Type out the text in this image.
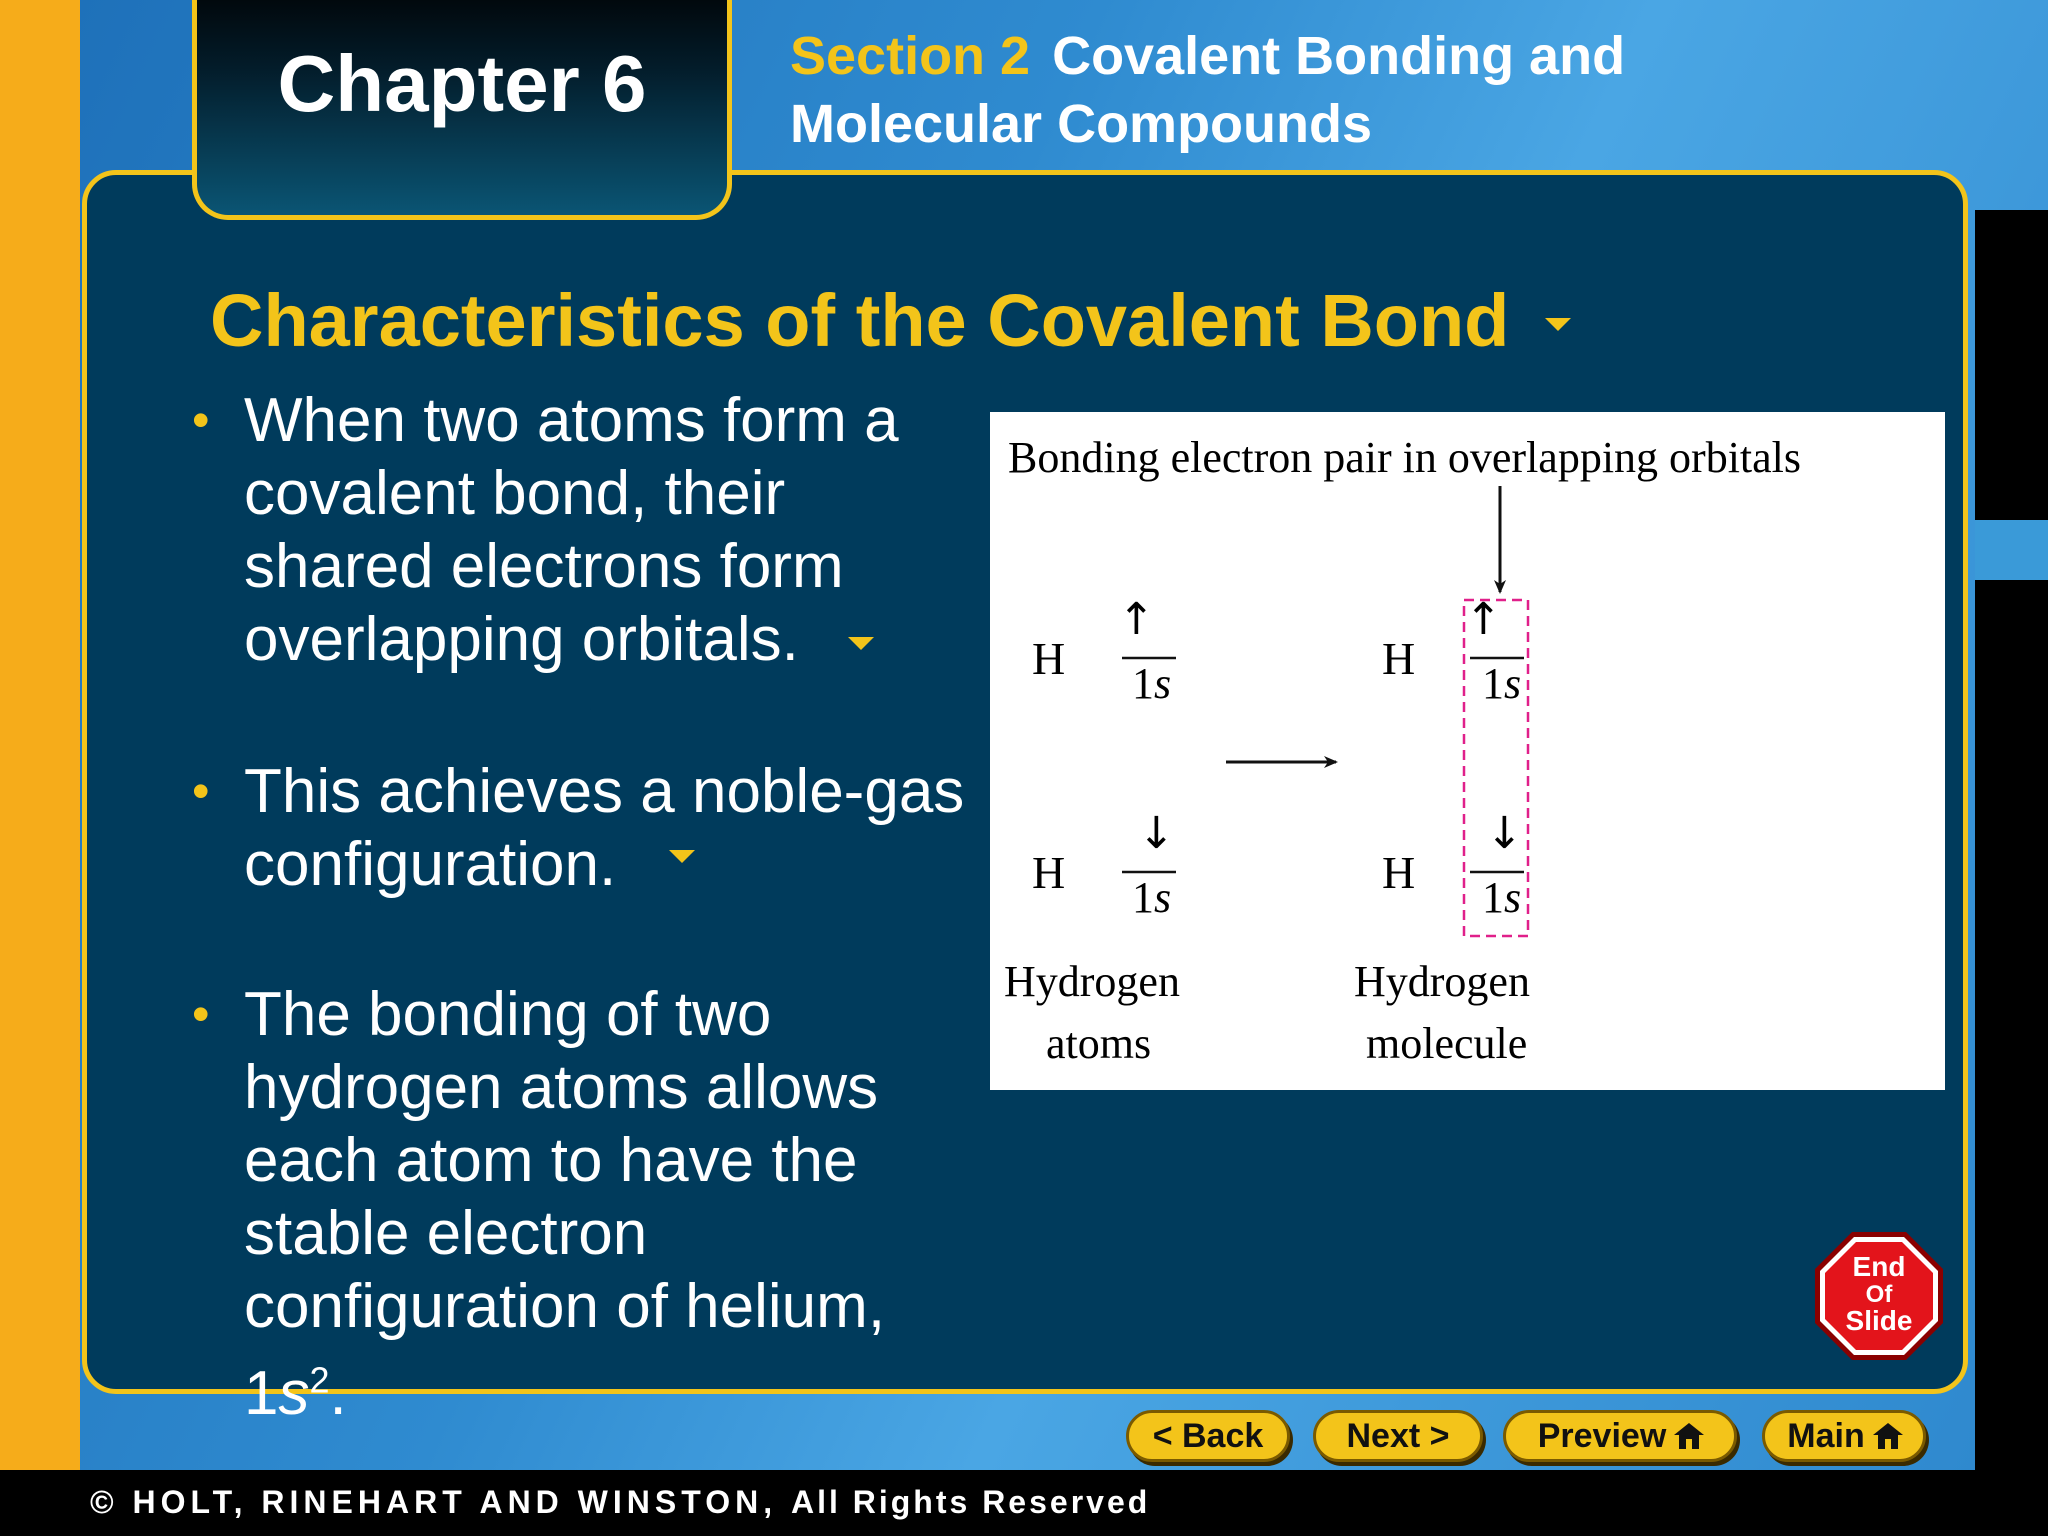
Section 2 Covalent Bonding and
Molecular Compounds
Chapter 6
Characteristics of the Covalent Bond
• When two atoms form a covalent bond, their shared electrons form overlapping orbitals.
• This achieves a noble-gas configuration.
• The bonding of two hydrogen atoms allows each atom to have the stable electron configuration of helium, $1s^2$.
Bonding electron pair in overlapping orbitals
H
↑
1s
H
↓
1s
Hydrogen
atoms
H
↑
1s
H
↓
1s
Hydrogen
molecule
End
Of
Slide
< Back	Next >	Preview	Main
© HOLT, RINEHART AND WINSTON, All Rights Reserved
